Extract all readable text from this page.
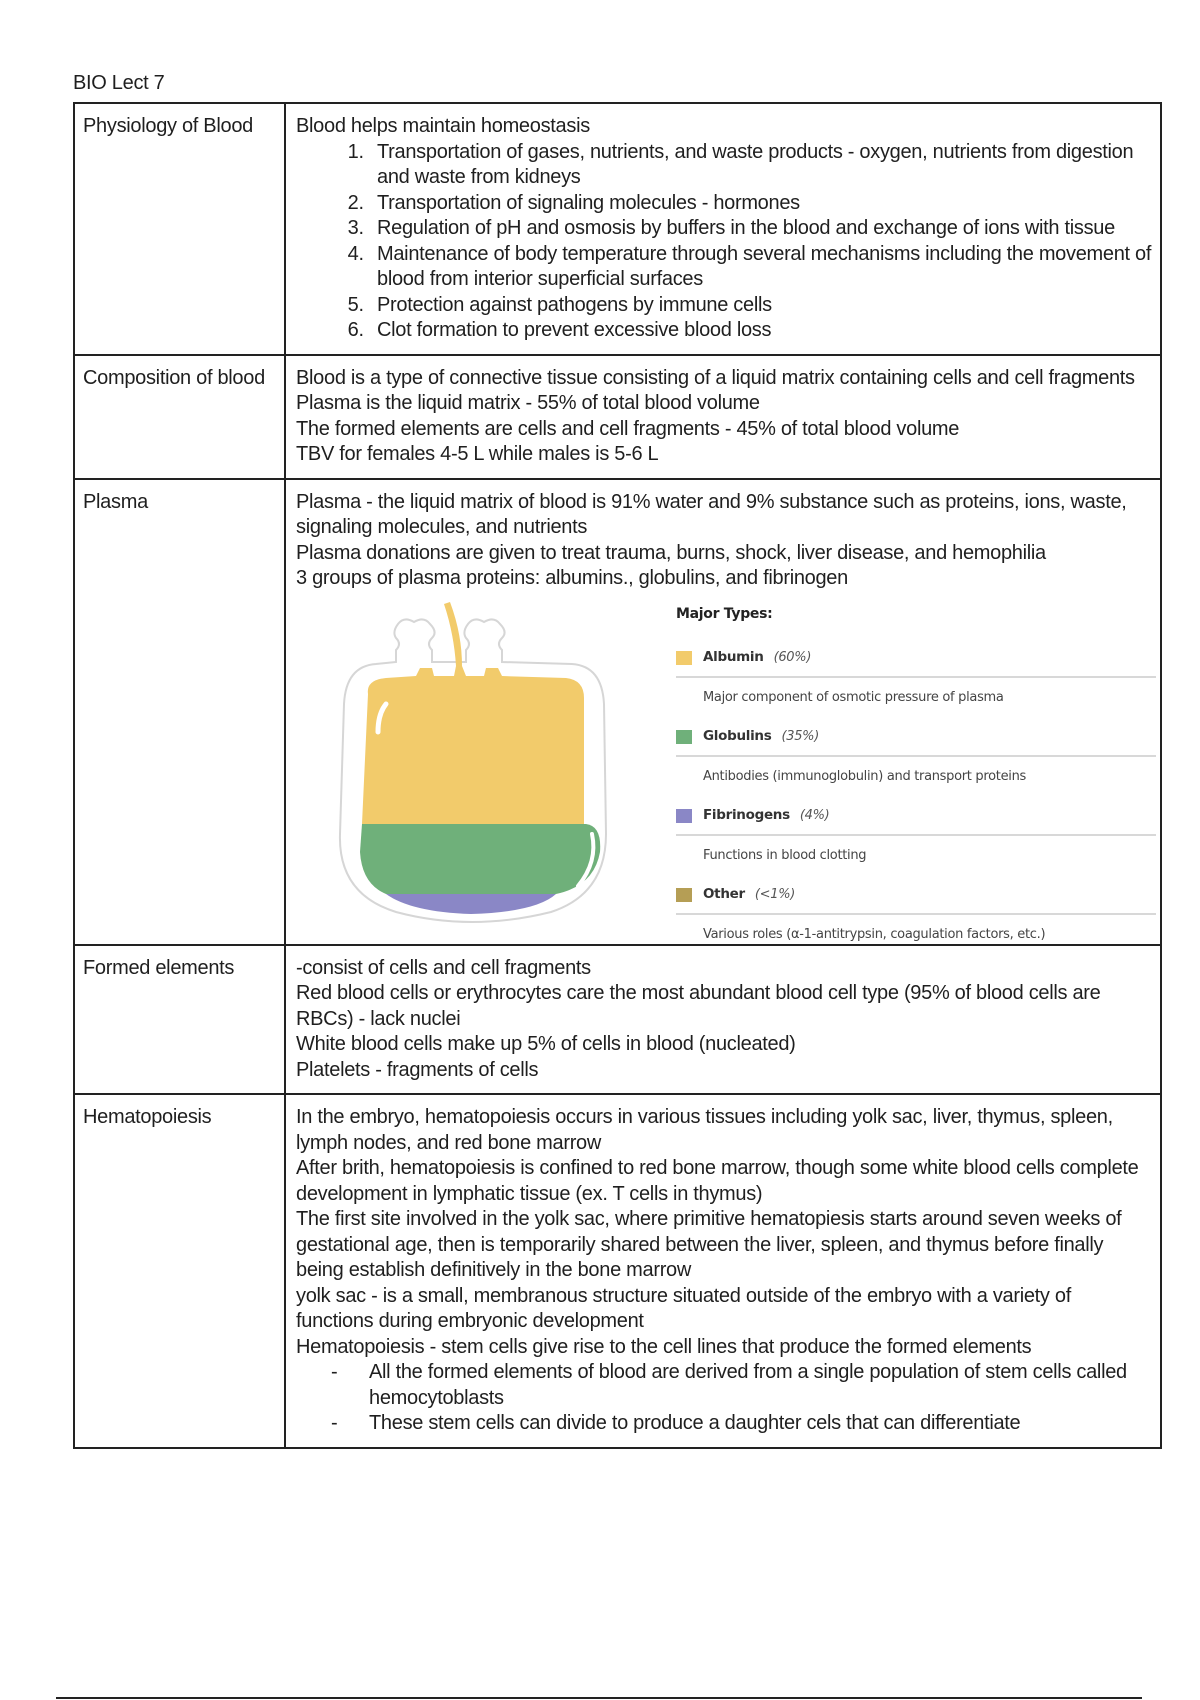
BIO Lect 7
Physiology of Blood	Blood helps maintain homeostasis
1. Transportation of gases, nutrients, and waste products - oxygen, nutrients from digestion and waste from kidneys
2. Transportation of signaling molecules - hormones
3. Regulation of pH and osmosis by buffers in the blood and exchange of ions with tissue
4. Maintenance of body temperature through several mechanisms including the movement of blood from interior superficial surfaces
5. Protection against pathogens by immune cells
6. Clot formation to prevent excessive blood loss

Composition of blood	Blood is a type of connective tissue consisting of a liquid matrix containing cells and cell fragments
Plasma is the liquid matrix - 55% of total blood volume
The formed elements are cells and cell fragments - 45% of total blood volume
TBV for females 4-5 L while males is 5-6 L

Plasma	Plasma - the liquid matrix of blood is 91% water and 9% substance such as proteins, ions, waste, signaling molecules, and nutrients
Plasma donations are given to treat trauma, burns, shock, liver disease, and hemophilia
3 groups of plasma proteins: albumins., globulins, and fibrinogen
Major Types:
Albumin (60%)
Major component of osmotic pressure of plasma
Globulins (35%)
Antibodies (immunoglobulin) and transport proteins
Fibrinogens (4%)
Functions in blood clotting
Other (<1%)
Various roles (α-1-antitrypsin, coagulation factors, etc.)

Formed elements	-consist of cells and cell fragments
Red blood cells or erythrocytes care the most abundant blood cell type (95% of blood cells are RBCs) - lack nuclei
White blood cells make up 5% of cells in blood (nucleated)
Platelets - fragments of cells

Hematopoiesis	In the embryo, hematopoiesis occurs in various tissues including yolk sac, liver, thymus, spleen, lymph nodes, and red bone marrow
After brith, hematopoiesis is confined to red bone marrow, though some white blood cells complete development in lymphatic tissue (ex. T cells in thymus)
The first site involved in the yolk sac, where primitive hematopiesis starts around seven weeks of gestational age, then is temporarily shared between the liver, spleen, and thymus before finally being establish definitively in the bone marrow
yolk sac - is a small, membranous structure situated outside of the embryo with a variety of functions during embryonic development
Hematopoiesis - stem cells give rise to the cell lines that produce the formed elements
- All the formed elements of blood are derived from a single population of stem cells called hemocytoblasts
- These stem cells can divide to produce a daughter cels that can differentiate
